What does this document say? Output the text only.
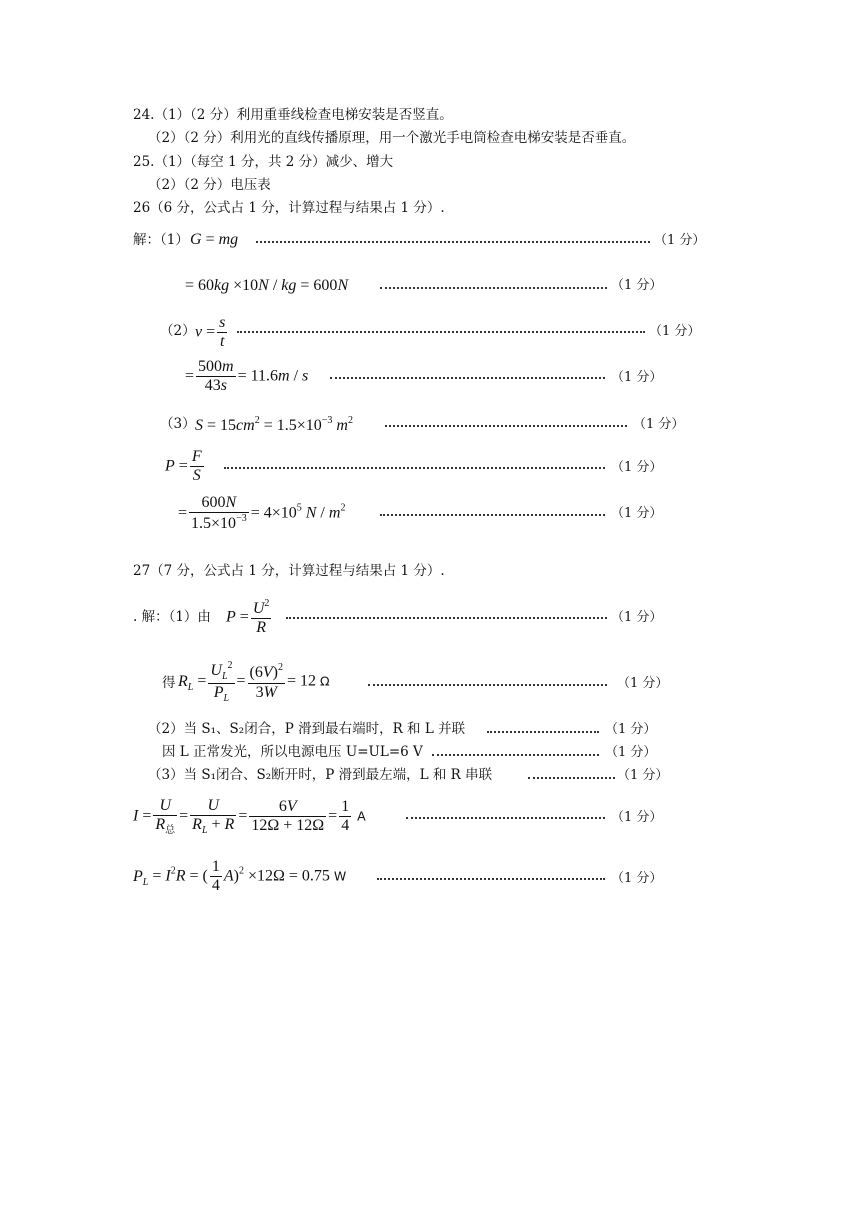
24.（1）（2 分）利用重垂线检查电梯安装是否竖直。
（2）（2 分）利用光的直线传播原理，用一个激光手电筒检查电梯安装是否垂直。
25.（1）（每空 1 分，共 2 分）减少、增大
（2）（2 分）电压表
26（6 分，公式占 1 分，计算过程与结果占 1 分）.
解：（1） G = mg	（1 分）
= 60kg ×10N / kg = 600N	（1 分）
（2） $v = \frac{s}{t}$	（1 分）
= $\frac{500m}{43s} = 11.6m / s$	（1 分）
（3） $S = 15cm^2 = 1.5\times 10^{-3}$ $m^2$	（1 分）
$P = \frac{F}{S}$	（1 分）
= $\frac{600N}{1.5\times 10^{-3}} = 4\times 10^5$ N / $m^2$	（1 分）
27（7 分，公式占 1 分，计算过程与结果占 1 分）.
. 解：（1）由 $P = \frac{U^2}{R}$	（1 分）
得 $R_L = \frac{U_L^2}{P_L} = \frac{(6V)^2}{3W} = 12$ Ω	（1 分）
（2）当 S₁、S₂闭合，P 滑到最右端时，R 和 L 并联	（1 分）
因 L 正常发光，所以电源电压 U=UL=6 V	（1 分）
（3）当 S₁闭合、S₂断开时，P 滑到最左端，L 和 R 串联	（1 分）
$I = \frac{U}{R_总} = \frac{U}{R_L + R} = \frac{6V}{12\Omega + 12\Omega} = \frac{1}{4}$ A	（1 分）
$P_L = I^2R$ = ( $\frac{1}{4} A)^2 \times 12\Omega = 0.75$ W	（1 分）
